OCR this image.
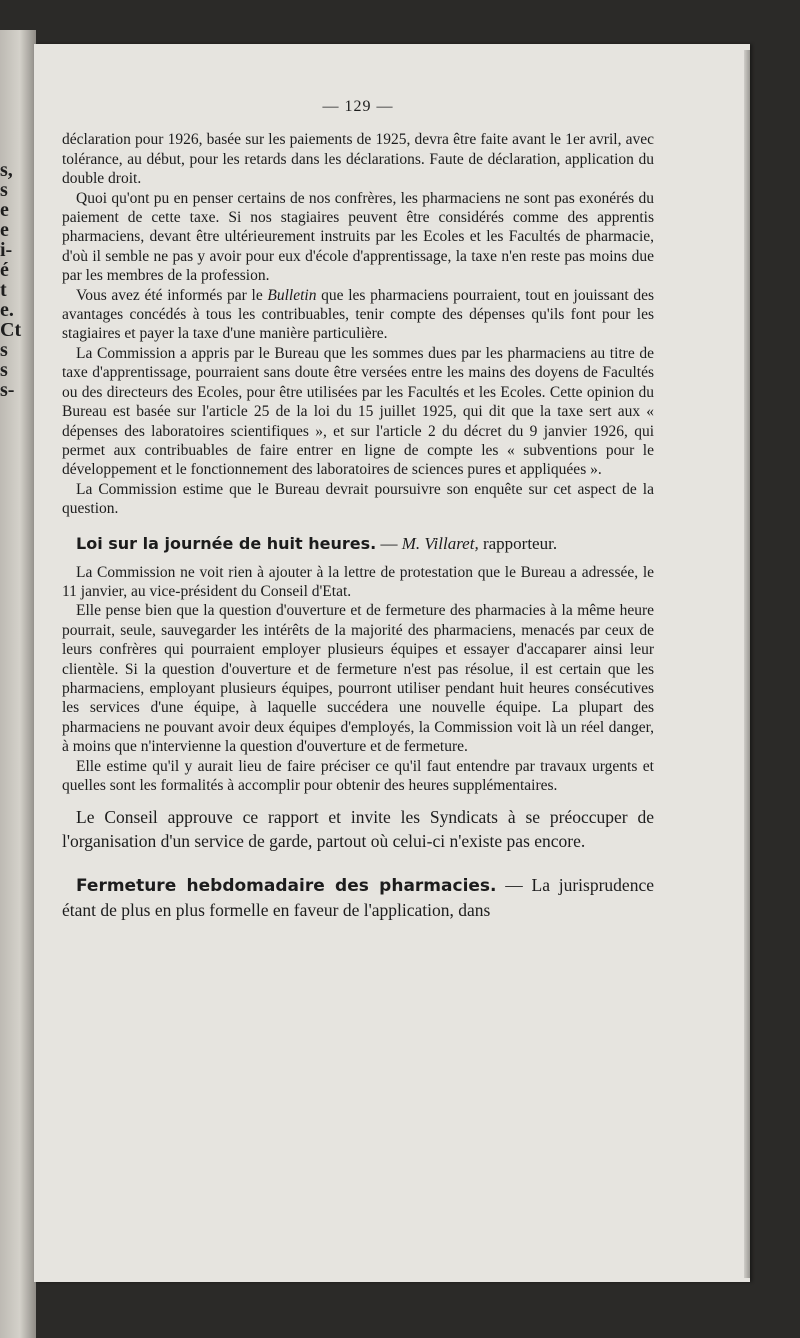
s,
s
e
e
i-
é
t
e.
Ct
s
s
s-
— 129 —

déclaration pour 1926, basée sur les paiements de 1925, devra être faite avant le 1er avril, avec tolérance, au début, pour les retards dans les déclarations. Faute de déclaration, application du double droit.

Quoi qu'ont pu en penser certains de nos confrères, les pharmaciens ne sont pas exonérés du paiement de cette taxe. Si nos stagiaires peuvent être considérés comme des apprentis pharmaciens, devant être ultérieurement instruits par les Ecoles et les Facultés de pharmacie, d'où il semble ne pas y avoir pour eux d'école d'apprentissage, la taxe n'en reste pas moins due par les membres de la profession.

Vous avez été informés par le Bulletin que les pharmaciens pourraient, tout en jouissant des avantages concédés à tous les contribuables, tenir compte des dépenses qu'ils font pour les stagiaires et payer la taxe d'une manière particulière.

La Commission a appris par le Bureau que les sommes dues par les pharmaciens au titre de taxe d'apprentissage, pourraient sans doute être versées entre les mains des doyens de Facultés ou des directeurs des Ecoles, pour être utilisées par les Facultés et les Ecoles. Cette opinion du Bureau est basée sur l'article 25 de la loi du 15 juillet 1925, qui dit que la taxe sert aux « dépenses des laboratoires scientifiques », et sur l'article 2 du décret du 9 janvier 1926, qui permet aux contribuables de faire entrer en ligne de compte les « subventions pour le développement et le fonctionnement des laboratoires de sciences pures et appliquées ».

La Commission estime que le Bureau devrait poursuivre son enquête sur cet aspect de la question.

Loi sur la journée de huit heures. — M. Villaret, rapporteur.

La Commission ne voit rien à ajouter à la lettre de protestation que le Bureau a adressée, le 11 janvier, au vice-président du Conseil d'Etat.

Elle pense bien que la question d'ouverture et de fermeture des pharmacies à la même heure pourrait, seule, sauvegarder les intérêts de la majorité des pharmaciens, menacés par ceux de leurs confrères qui pourraient employer plusieurs équipes et essayer d'accaparer ainsi leur clientèle. Si la question d'ouverture et de fermeture n'est pas résolue, il est certain que les pharmaciens, employant plusieurs équipes, pourront utiliser pendant huit heures consécutives les services d'une équipe, à laquelle succédera une nouvelle équipe. La plupart des pharmaciens ne pouvant avoir deux équipes d'employés, la Commission voit là un réel danger, à moins que n'intervienne la question d'ouverture et de fermeture.

Elle estime qu'il y aurait lieu de faire préciser ce qu'il faut entendre par travaux urgents et quelles sont les formalités à accomplir pour obtenir des heures supplémentaires.

Le Conseil approuve ce rapport et invite les Syndicats à se préoccuper de l'organisation d'un service de garde, partout où celui-ci n'existe pas encore.

Fermeture hebdomadaire des pharmacies. — La jurisprudence étant de plus en plus formelle en faveur de l'application, dans
